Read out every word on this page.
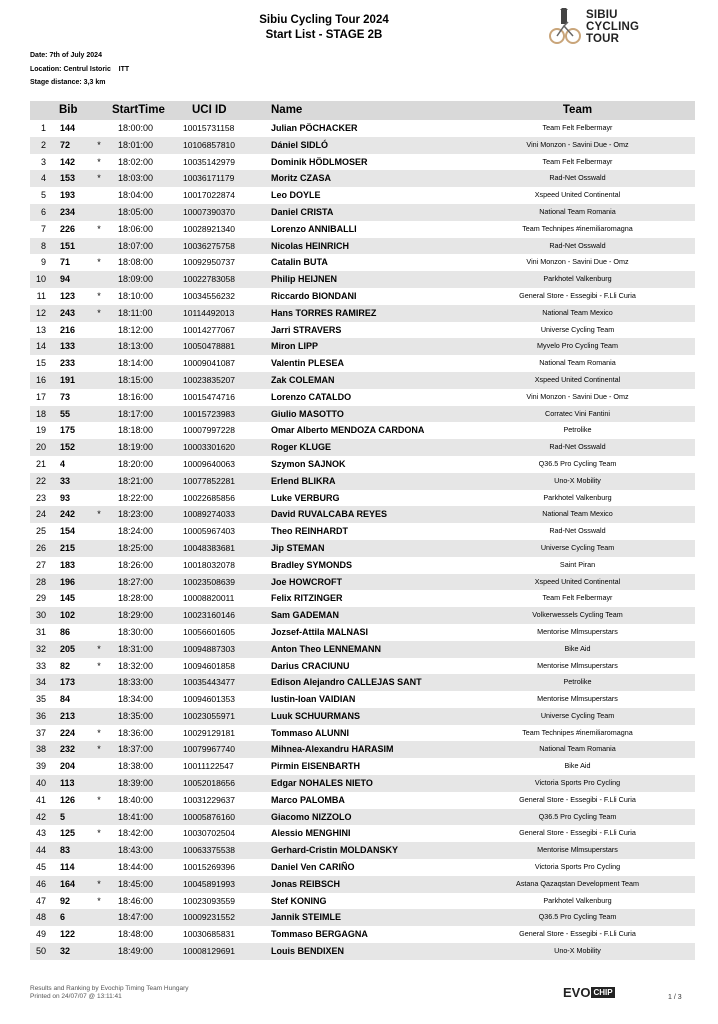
Sibiu Cycling Tour 2024
Start List - STAGE 2B
SIBIU
CYCLING
TOUR
Date: 7th of July 2024
Location: Centrul Istoric    ITT
Stage distance: 3,3 km
Bib	StartTime	UCI ID	Name	Team
1 144	18:00:00	10015731158	Julian PÖCHACKER	Team Felt Felbermayr
2 72	*	18:01:00	10106857810	Dániel SIDLÓ	Vini Monzon - Savini Due - Omz
3 142	*	18:02:00	10035142979	Dominik HÖDLMOSER	Team Felt Felbermayr
4 153	*	18:03:00	10036171179	Moritz CZASA	Rad-Net Osswald
5 193	18:04:00	10017022874	Leo DOYLE	Xspeed United Continental
6 234	18:05:00	10007390370	Daniel CRISTA	National Team Romania
7 226	*	18:06:00	10028921340	Lorenzo ANNIBALLI	Team Technipes #inemiliaromagna
8 151	18:07:00	10036275758	Nicolas HEINRICH	Rad-Net Osswald
9 71	*	18:08:00	10092950737	Catalin BUTA	Vini Monzon - Savini Due - Omz
10 94	18:09:00	10022783058	Philip HEIJNEN	Parkhotel Valkenburg
11 123	*	18:10:00	10034556232	Riccardo BIONDANI	General Store - Essegibi - F.Lli Curia
12 243	*	18:11:00	10114492013	Hans TORRES RAMIREZ	National Team Mexico
13 216	18:12:00	10014277067	Jarri STRAVERS	Universe Cycling Team
14 133	18:13:00	10050478881	Miron LIPP	Myvelo Pro Cycling Team
15 233	18:14:00	10009041087	Valentin PLESEA	National Team Romania
16 191	18:15:00	10023835207	Zak COLEMAN	Xspeed United Continental
17 73	18:16:00	10015474716	Lorenzo CATALDO	Vini Monzon - Savini Due - Omz
18 55	18:17:00	10015723983	Giulio MASOTTO	Corratec Vini Fantini
19 175	18:18:00	10007997228	Omar Alberto MENDOZA CARDONA	Petrolike
20 152	18:19:00	10003301620	Roger KLUGE	Rad-Net Osswald
21 4	18:20:00	10009640063	Szymon SAJNOK	Q36.5 Pro Cycling Team
22 33	18:21:00	10077852281	Erlend BLIKRA	Uno-X Mobility
23 93	18:22:00	10022685856	Luke VERBURG	Parkhotel Valkenburg
24 242	*	18:23:00	10089274033	David RUVALCABA REYES	National Team Mexico
25 154	18:24:00	10005967403	Theo REINHARDT	Rad-Net Osswald
26 215	18:25:00	10048383681	Jip STEMAN	Universe Cycling Team
27 183	18:26:00	10018032078	Bradley SYMONDS	Saint Piran
28 196	18:27:00	10023508639	Joe HOWCROFT	Xspeed United Continental
29 145	18:28:00	10008820011	Felix RITZINGER	Team Felt Felbermayr
30 102	18:29:00	10023160146	Sam GADEMAN	Volkerwessels Cycling Team
31 86	18:30:00	10056601605	Jozsef-Attila MALNASI	Mentorise Mlmsuperstars
32 205	*	18:31:00	10094887303	Anton Theo LENNEMANN	Bike Aid
33 82	*	18:32:00	10094601858	Darius CRACIUNU	Mentorise Mlmsuperstars
34 173	18:33:00	10035443477	Edison Alejandro CALLEJAS SANT	Petrolike
35 84	18:34:00	10094601353	Iustin-Ioan VAIDIAN	Mentorise Mlmsuperstars
36 213	18:35:00	10023055971	Luuk SCHUURMANS	Universe Cycling Team
37 224	*	18:36:00	10029129181	Tommaso ALUNNI	Team Technipes #inemiliaromagna
38 232	*	18:37:00	10079967740	Mihnea-Alexandru HARASIM	National Team Romania
39 204	18:38:00	10011122547	Pirmin EISENBARTH	Bike Aid
40 113	18:39:00	10052018656	Edgar NOHALES NIETO	Victoria Sports Pro Cycling
41 126	*	18:40:00	10031229637	Marco PALOMBA	General Store - Essegibi - F.Lli Curia
42 5	18:41:00	10005876160	Giacomo NIZZOLO	Q36.5 Pro Cycling Team
43 125	*	18:42:00	10030702504	Alessio MENGHINI	General Store - Essegibi - F.Lli Curia
44 83	18:43:00	10063375538	Gerhard-Cristin MOLDANSKY	Mentorise Mlmsuperstars
45 114	18:44:00	10015269396	Daniel Ven CARIÑO	Victoria Sports Pro Cycling
46 164	*	18:45:00	10045891993	Jonas REIBSCH	Astana Qazaqstan Development Team
47 92	*	18:46:00	10023093559	Stef KONING	Parkhotel Valkenburg
48 6	18:47:00	10009231552	Jannik STEIMLE	Q36.5 Pro Cycling Team
49 122	18:48:00	10030685831	Tommaso BERGAGNA	General Store - Essegibi - F.Lli Curia
50 32	18:49:00	10008129691	Louis BENDIXEN	Uno-X Mobility
Results and Ranking by Evochip Timing Team Hungary
Printed on 24/07/07 @ 13:11:41	EVO CHIP
1 / 3
